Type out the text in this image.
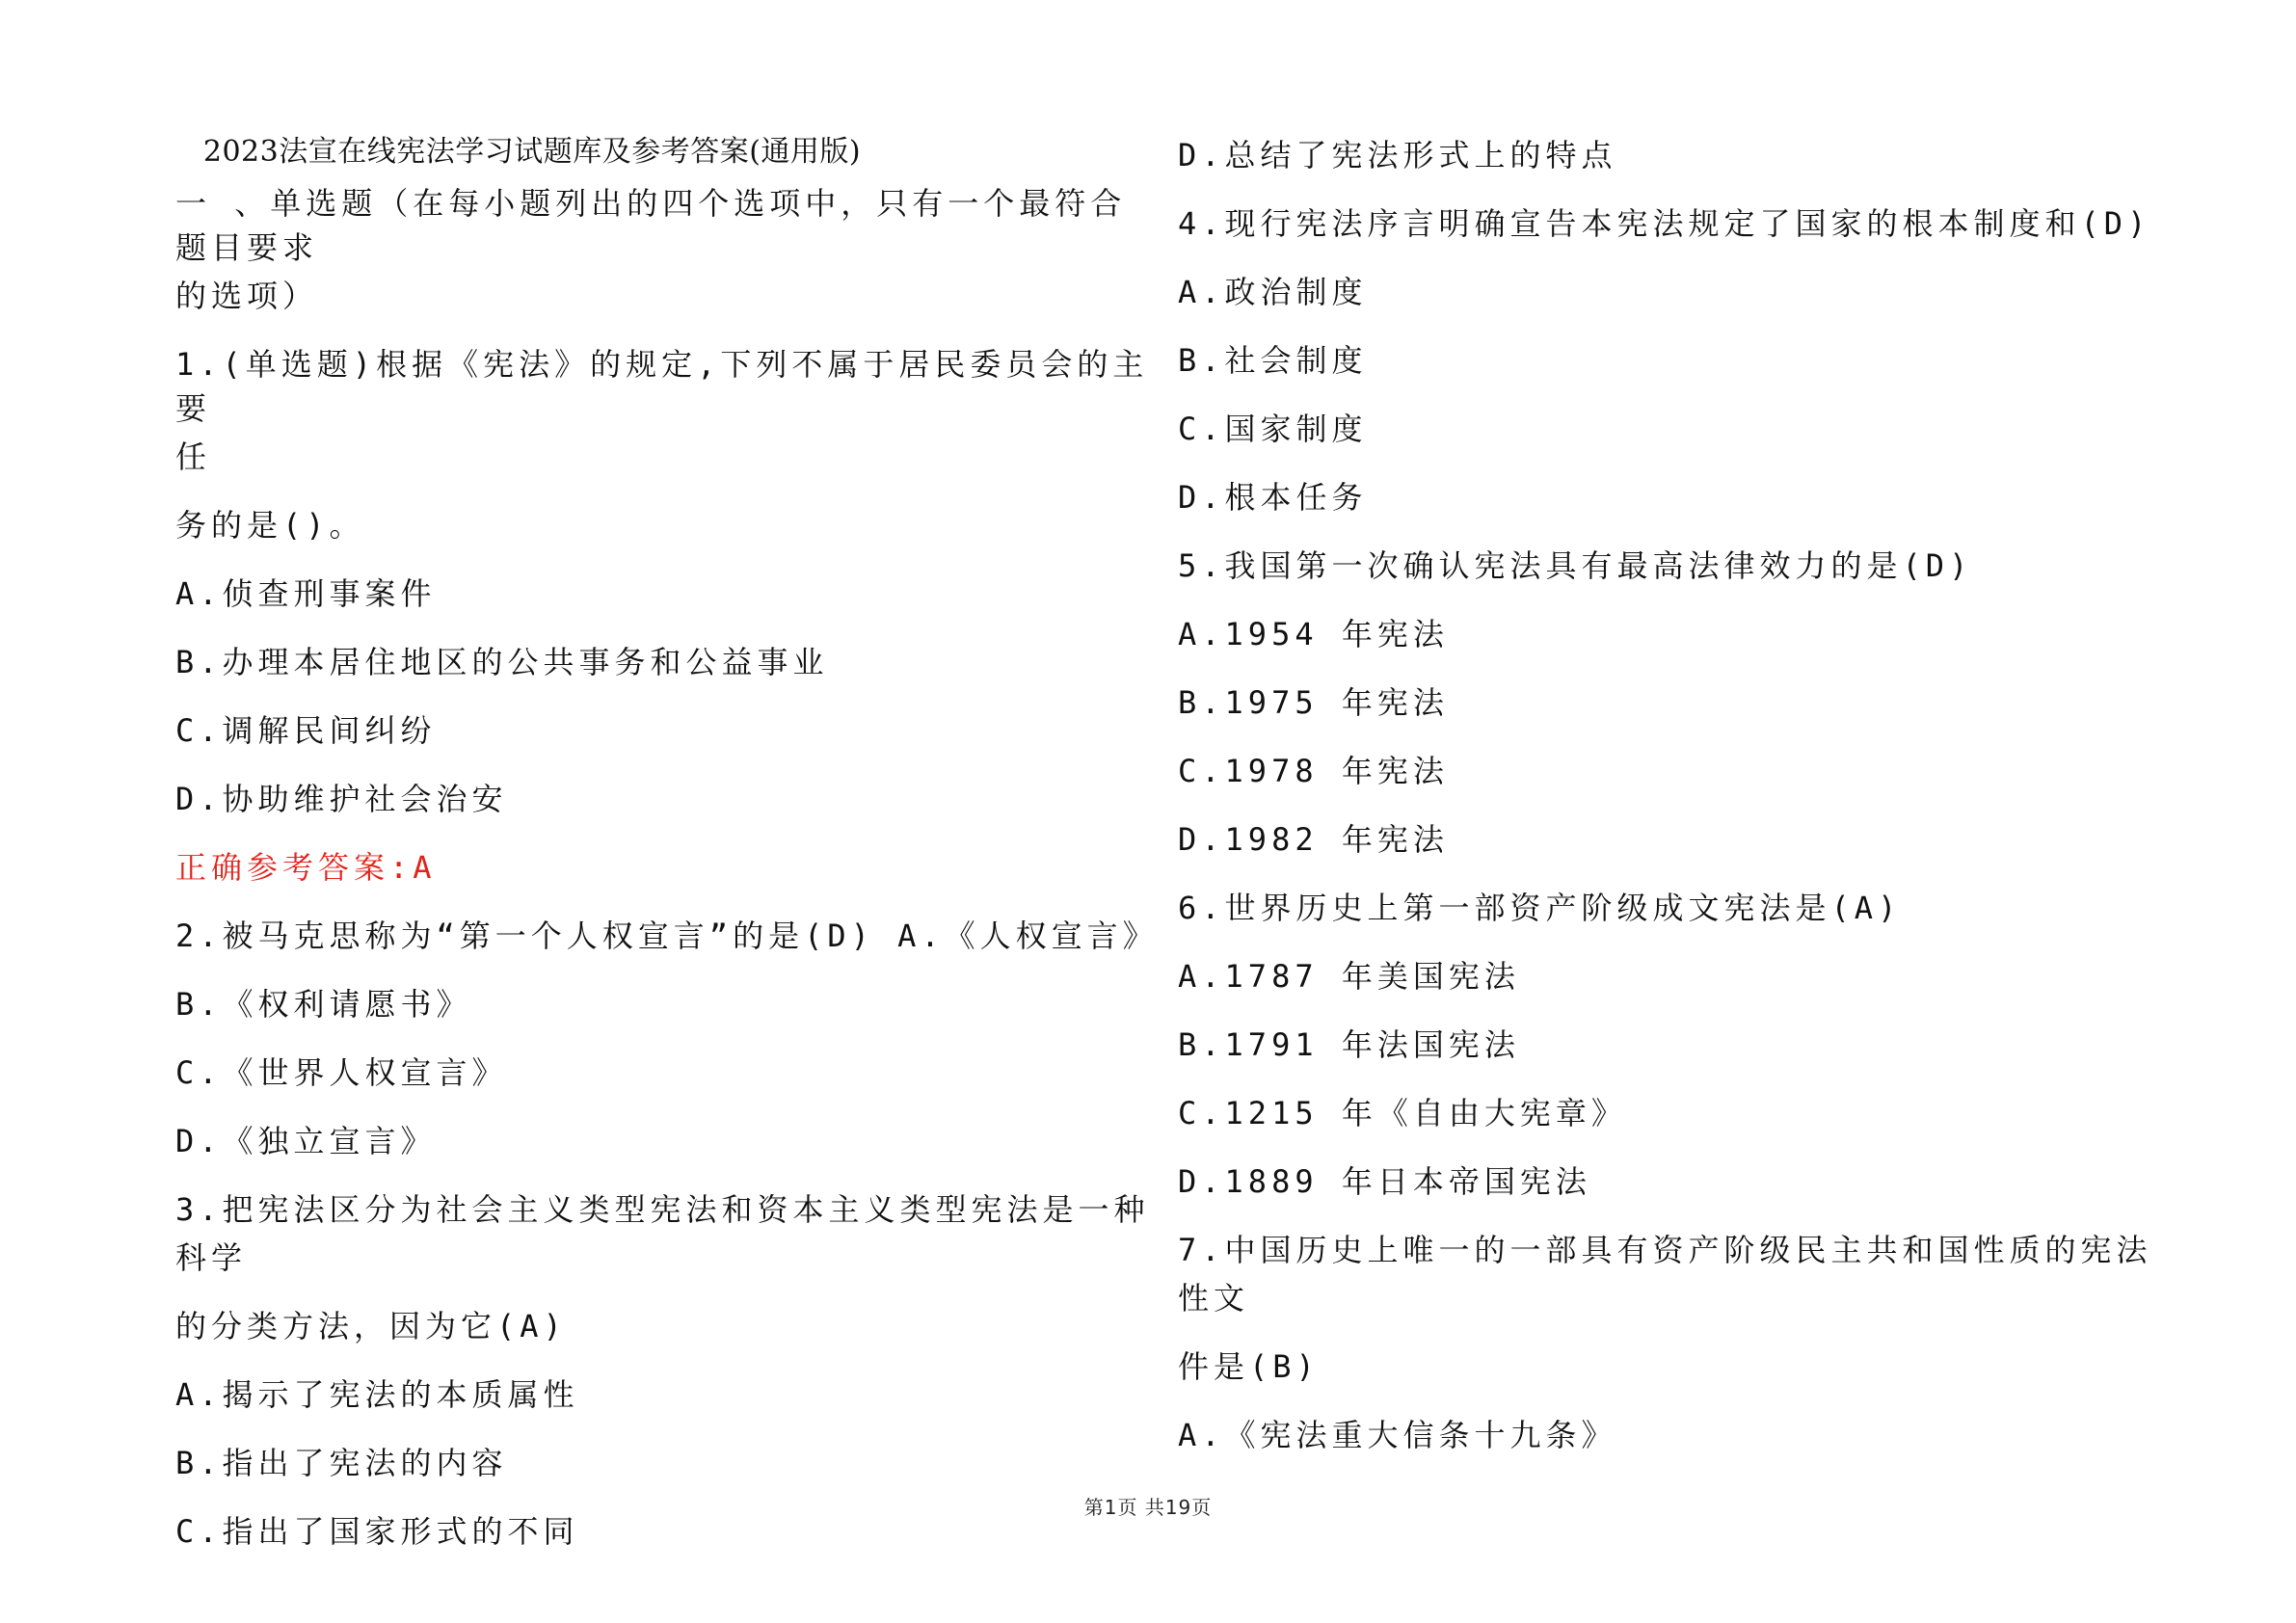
2023法宣在线宪法学习试题库及参考答案(通用版)
一 、单选题（在每小题列出的四个选项中，只有一个最符合题目要求
的选项）
1.(单选题)根据《宪法》的规定,下列不属于居民委员会的主要
任
务的是()。
A.侦查刑事案件
B.办理本居住地区的公共事务和公益事业
C.调解民间纠纷
D.协助维护社会治安
正确参考答案:A
2.被马克思称为“第一个人权宣言”的是(D) A.《人权宣言》
B.《权利请愿书》
C.《世界人权宣言》
D.《独立宣言》
3.把宪法区分为社会主义类型宪法和资本主义类型宪法是一种
科学
的分类方法，因为它(A)
A.揭示了宪法的本质属性
B.指出了宪法的内容
C.指出了国家形式的不同
D.总结了宪法形式上的特点
4.现行宪法序言明确宣告本宪法规定了国家的根本制度和(D)
A.政治制度
B.社会制度
C.国家制度
D.根本任务
5.我国第一次确认宪法具有最高法律效力的是(D)
A.1954 年宪法
B.1975 年宪法
C.1978 年宪法
D.1982 年宪法
6.世界历史上第一部资产阶级成文宪法是(A)
A.1787 年美国宪法
B.1791 年法国宪法
C.1215 年《自由大宪章》
D.1889 年日本帝国宪法
7.中国历史上唯一的一部具有资产阶级民主共和国性质的宪法
性文
件是(B)
A.《宪法重大信条十九条》
第1页 共19页
